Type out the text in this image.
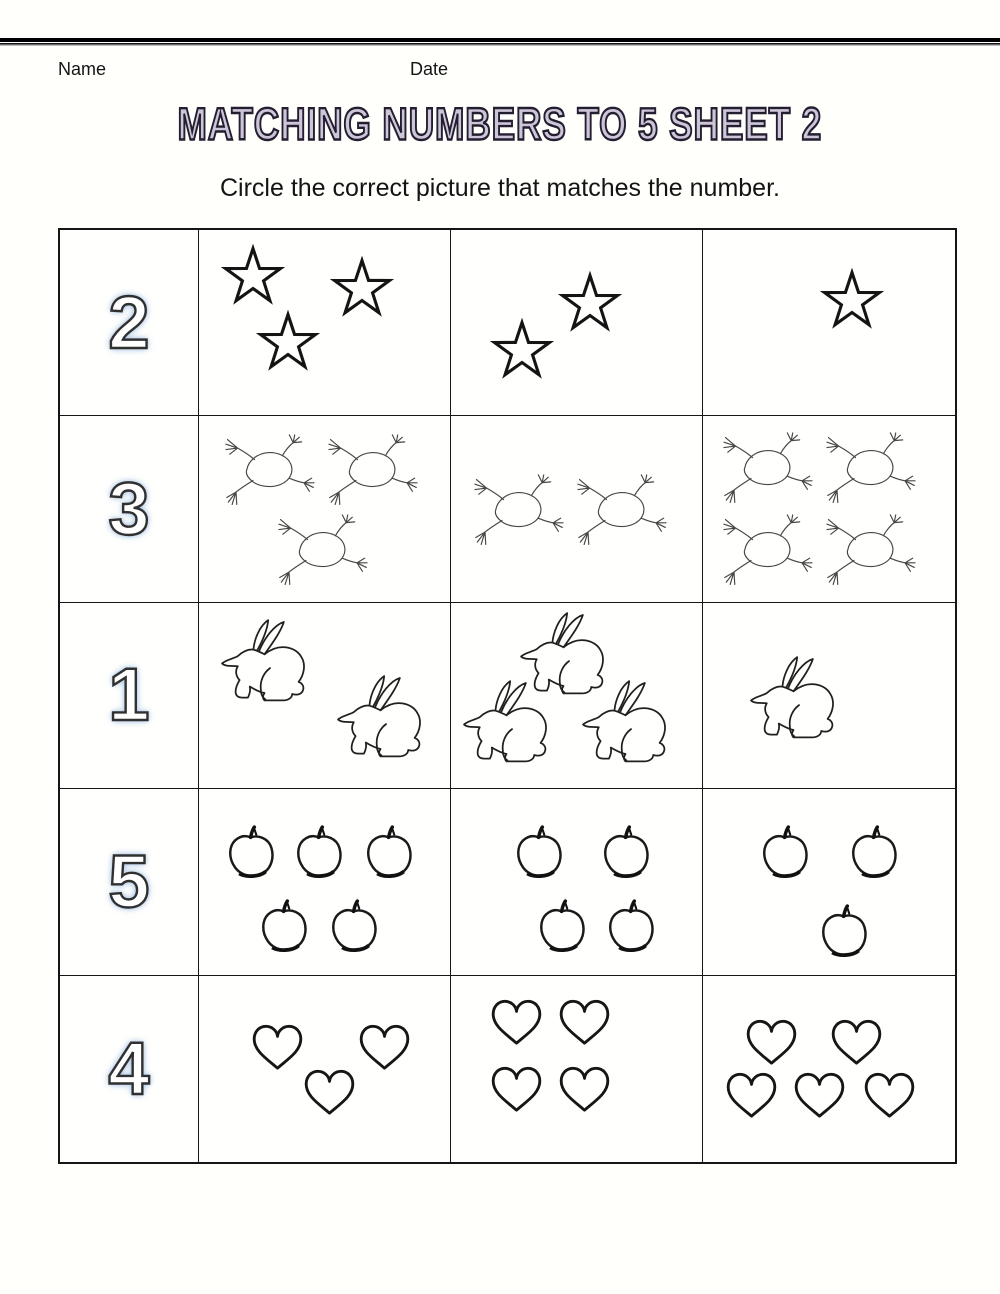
Name	Date
MATCHING NUMBERS TO 5 SHEET 2
Circle the correct picture that matches the number.
2
3
1
5
4
